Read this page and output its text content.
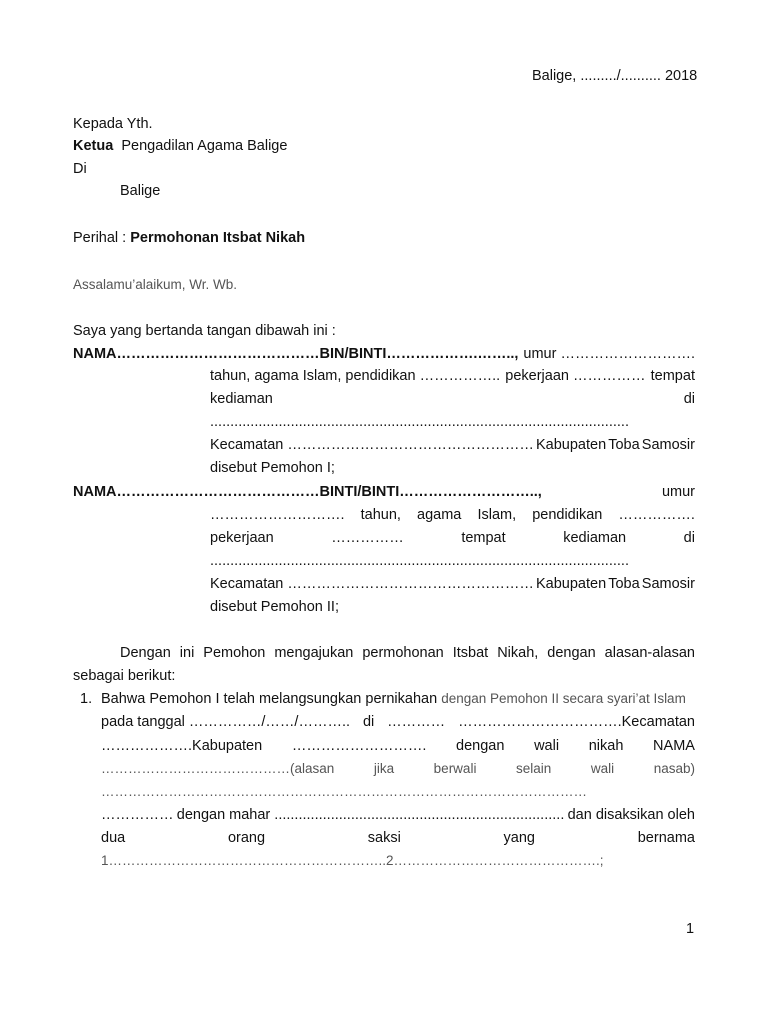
Balige, ........./.......... 2018
Kepada Yth.
Ketua Pengadilan Agama Balige
Di
Balige
Perihal : Permohonan Itsbat Nikah
Assalamu’alaikum, Wr. Wb.
Saya yang bertanda tangan dibawah ini :
NAMA……………………………………BIN/BINTI……………….…….., umur ……………………….
tahun, agama Islam, pendidikan …………….. pekerjaan …………… tempat
kediaman	di
........................................................................................................
Kecamatan …………………………………………… Kabupaten Toba Samosir
disebut Pemohon I;
NAMA……………………………………BINTI/BINTI………………………..,	umur
………………………. tahun, agama Islam, pendidikan …………….
pekerjaan	……………	tempat	kediaman	di
........................................................................................................
Kecamatan …………………………………………… Kabupaten Toba Samosir
disebut Pemohon II;
Dengan ini Pemohon mengajukan permohonan Itsbat Nikah, dengan alasan-alasan
sebagai berikut:
1. Bahwa Pemohon I telah melangsungkan pernikahan dengan Pemohon II secara syari’at Islam
pada tanggal ……………/……/……….. di ………… …………………………….Kecamatan
……………….Kabupaten ………………………. dengan wali nikah NAMA
……………………………………(alasan	jika	berwali	selain	wali	nasab)
………………………………………………………………………………………………
…………… dengan mahar ........................................................................ dan disaksikan oleh
dua	orang	saksi	yang	bernama
1……………………………………………………..2……………………………………….;
1
